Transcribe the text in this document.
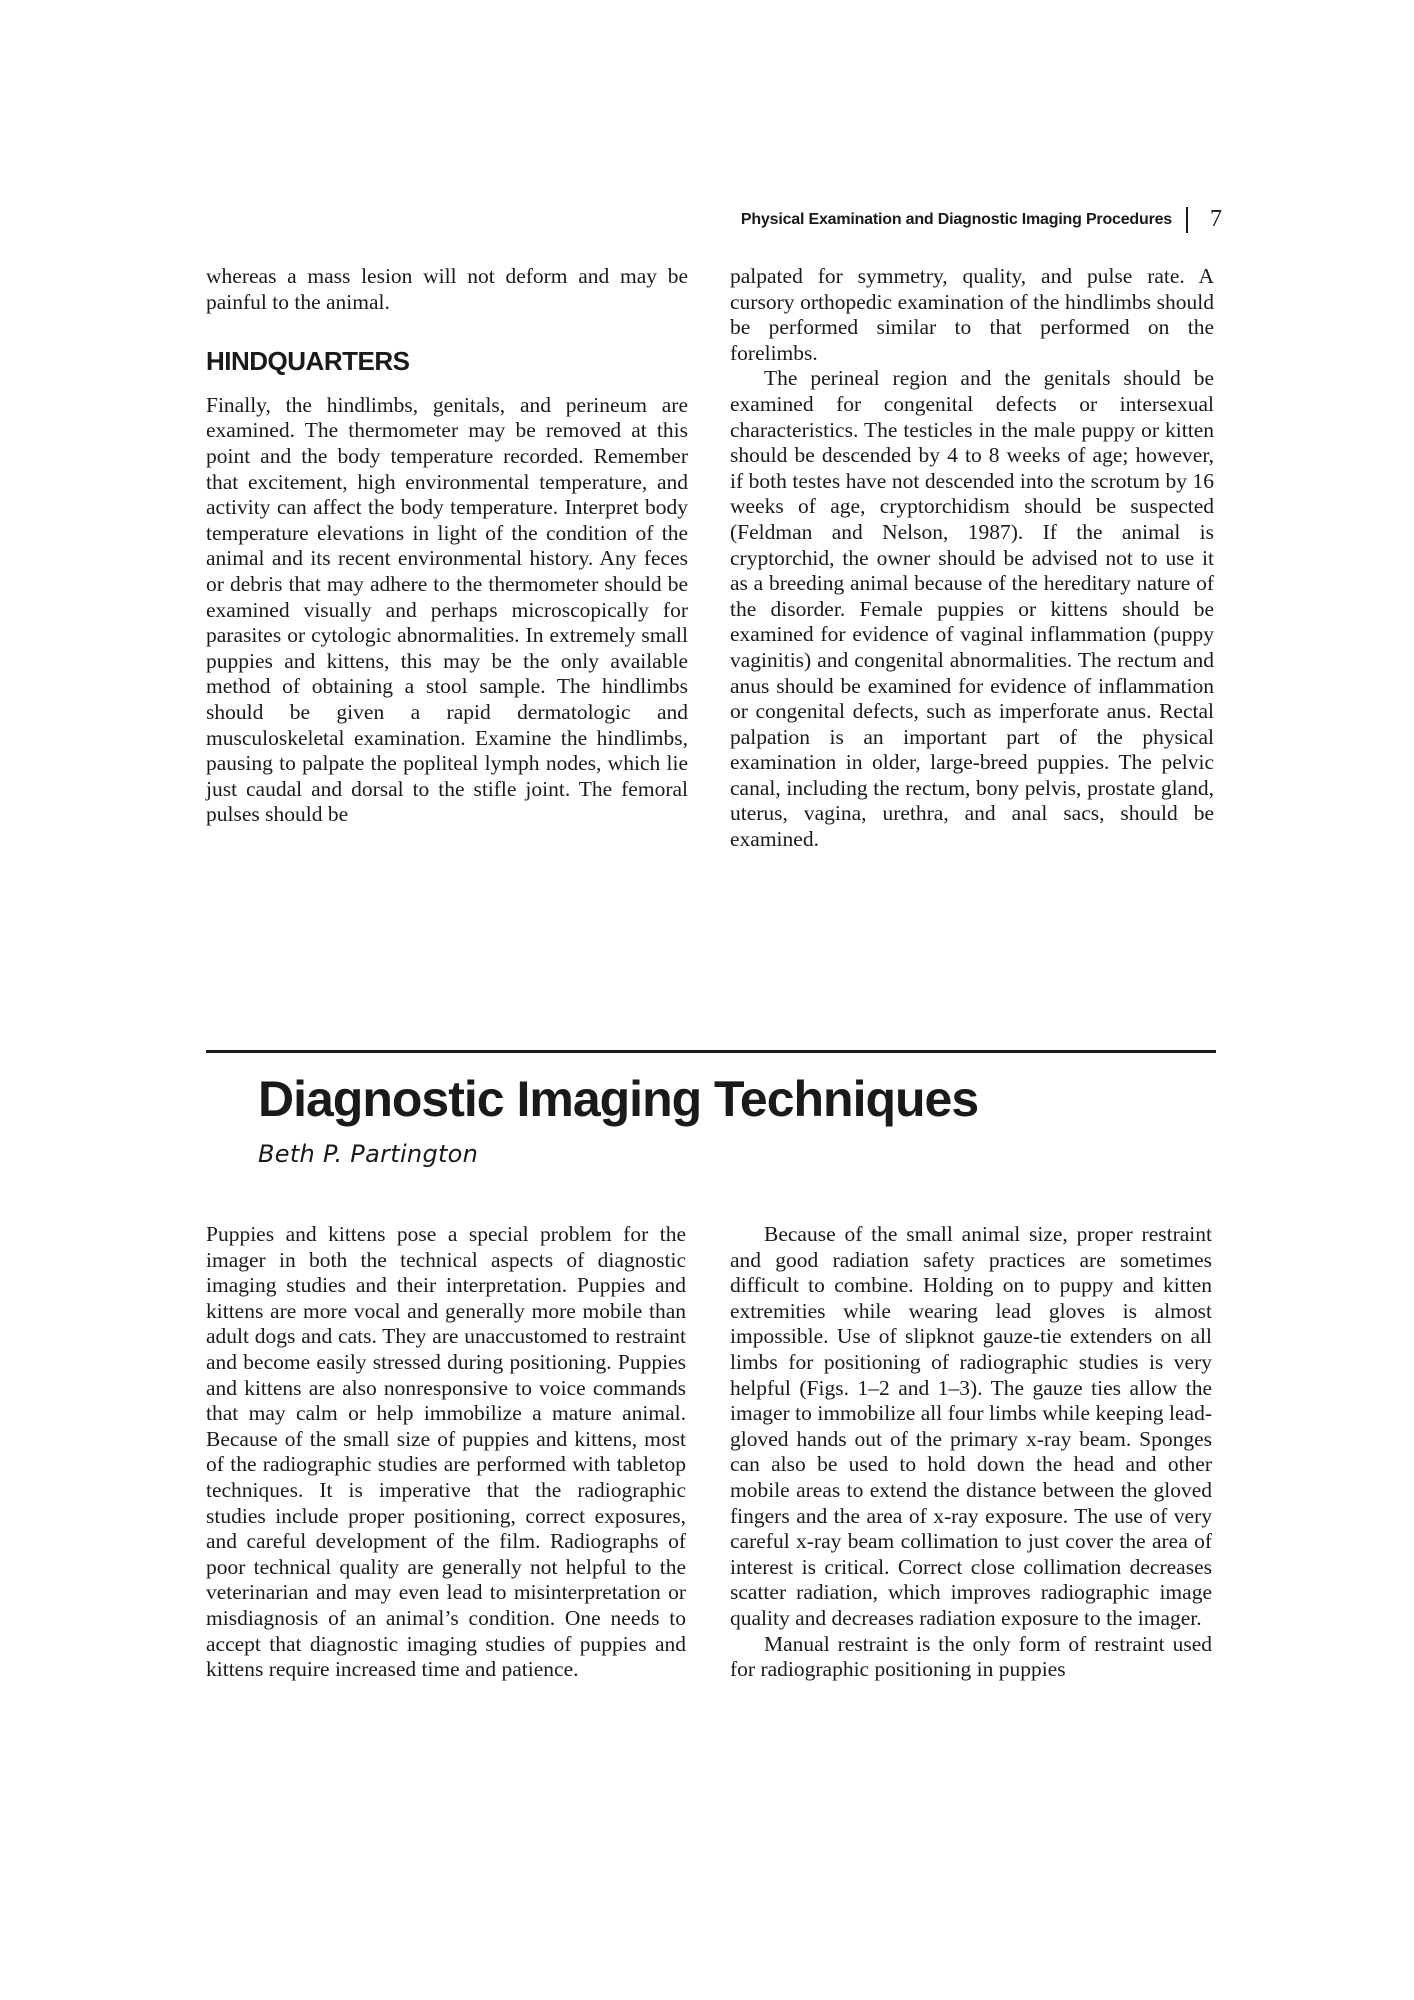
Physical Examination and Diagnostic Imaging Procedures 7

whereas a mass lesion will not deform and may be painful to the animal.

HINDQUARTERS

Finally, the hindlimbs, genitals, and perineum are examined. The thermometer may be removed at this point and the body temperature recorded. Remember that excitement, high environmental temperature, and activity can affect the body temperature. Interpret body temperature elevations in light of the condition of the animal and its recent environmental history. Any feces or debris that may adhere to the thermometer should be examined visually and perhaps microscopically for parasites or cytologic abnormalities. In extremely small puppies and kittens, this may be the only available method of obtaining a stool sample. The hindlimbs should be given a rapid dermatologic and musculoskeletal examination. Examine the hindlimbs, pausing to palpate the popliteal lymph nodes, which lie just caudal and dorsal to the stifle joint. The femoral pulses should be

palpated for symmetry, quality, and pulse rate. A cursory orthopedic examination of the hindlimbs should be performed similar to that performed on the forelimbs.

The perineal region and the genitals should be examined for congenital defects or intersexual characteristics. The testicles in the male puppy or kitten should be descended by 4 to 8 weeks of age; however, if both testes have not descended into the scrotum by 16 weeks of age, cryptorchidism should be suspected (Feldman and Nelson, 1987). If the animal is cryptorchid, the owner should be advised not to use it as a breeding animal because of the hereditary nature of the disorder. Female puppies or kittens should be examined for evidence of vaginal inflammation (puppy vaginitis) and congenital abnormalities. The rectum and anus should be examined for evidence of inflammation or congenital defects, such as imperforate anus. Rectal palpation is an important part of the physical examination in older, large-breed puppies. The pelvic canal, including the rectum, bony pelvis, prostate gland, uterus, vagina, urethra, and anal sacs, should be examined.

Diagnostic Imaging Techniques
Beth P. Partington

Puppies and kittens pose a special problem for the imager in both the technical aspects of diagnostic imaging studies and their interpretation. Puppies and kittens are more vocal and generally more mobile than adult dogs and cats. They are unaccustomed to restraint and become easily stressed during positioning. Puppies and kittens are also nonresponsive to voice commands that may calm or help immobilize a mature animal. Because of the small size of puppies and kittens, most of the radiographic studies are performed with tabletop techniques. It is imperative that the radiographic studies include proper positioning, correct exposures, and careful development of the film. Radiographs of poor technical quality are generally not helpful to the veterinarian and may even lead to misinterpretation or misdiagnosis of an animal’s condition. One needs to accept that diagnostic imaging studies of puppies and kittens require increased time and patience.

Because of the small animal size, proper restraint and good radiation safety practices are sometimes difficult to combine. Holding on to puppy and kitten extremities while wearing lead gloves is almost impossible. Use of slipknot gauze-tie extenders on all limbs for positioning of radiographic studies is very helpful (Figs. 1–2 and 1–3). The gauze ties allow the imager to immobilize all four limbs while keeping lead-gloved hands out of the primary x-ray beam. Sponges can also be used to hold down the head and other mobile areas to extend the distance between the gloved fingers and the area of x-ray exposure. The use of very careful x-ray beam collimation to just cover the area of interest is critical. Correct close collimation decreases scatter radiation, which improves radiographic image quality and decreases radiation exposure to the imager.

Manual restraint is the only form of restraint used for radiographic positioning in puppies
